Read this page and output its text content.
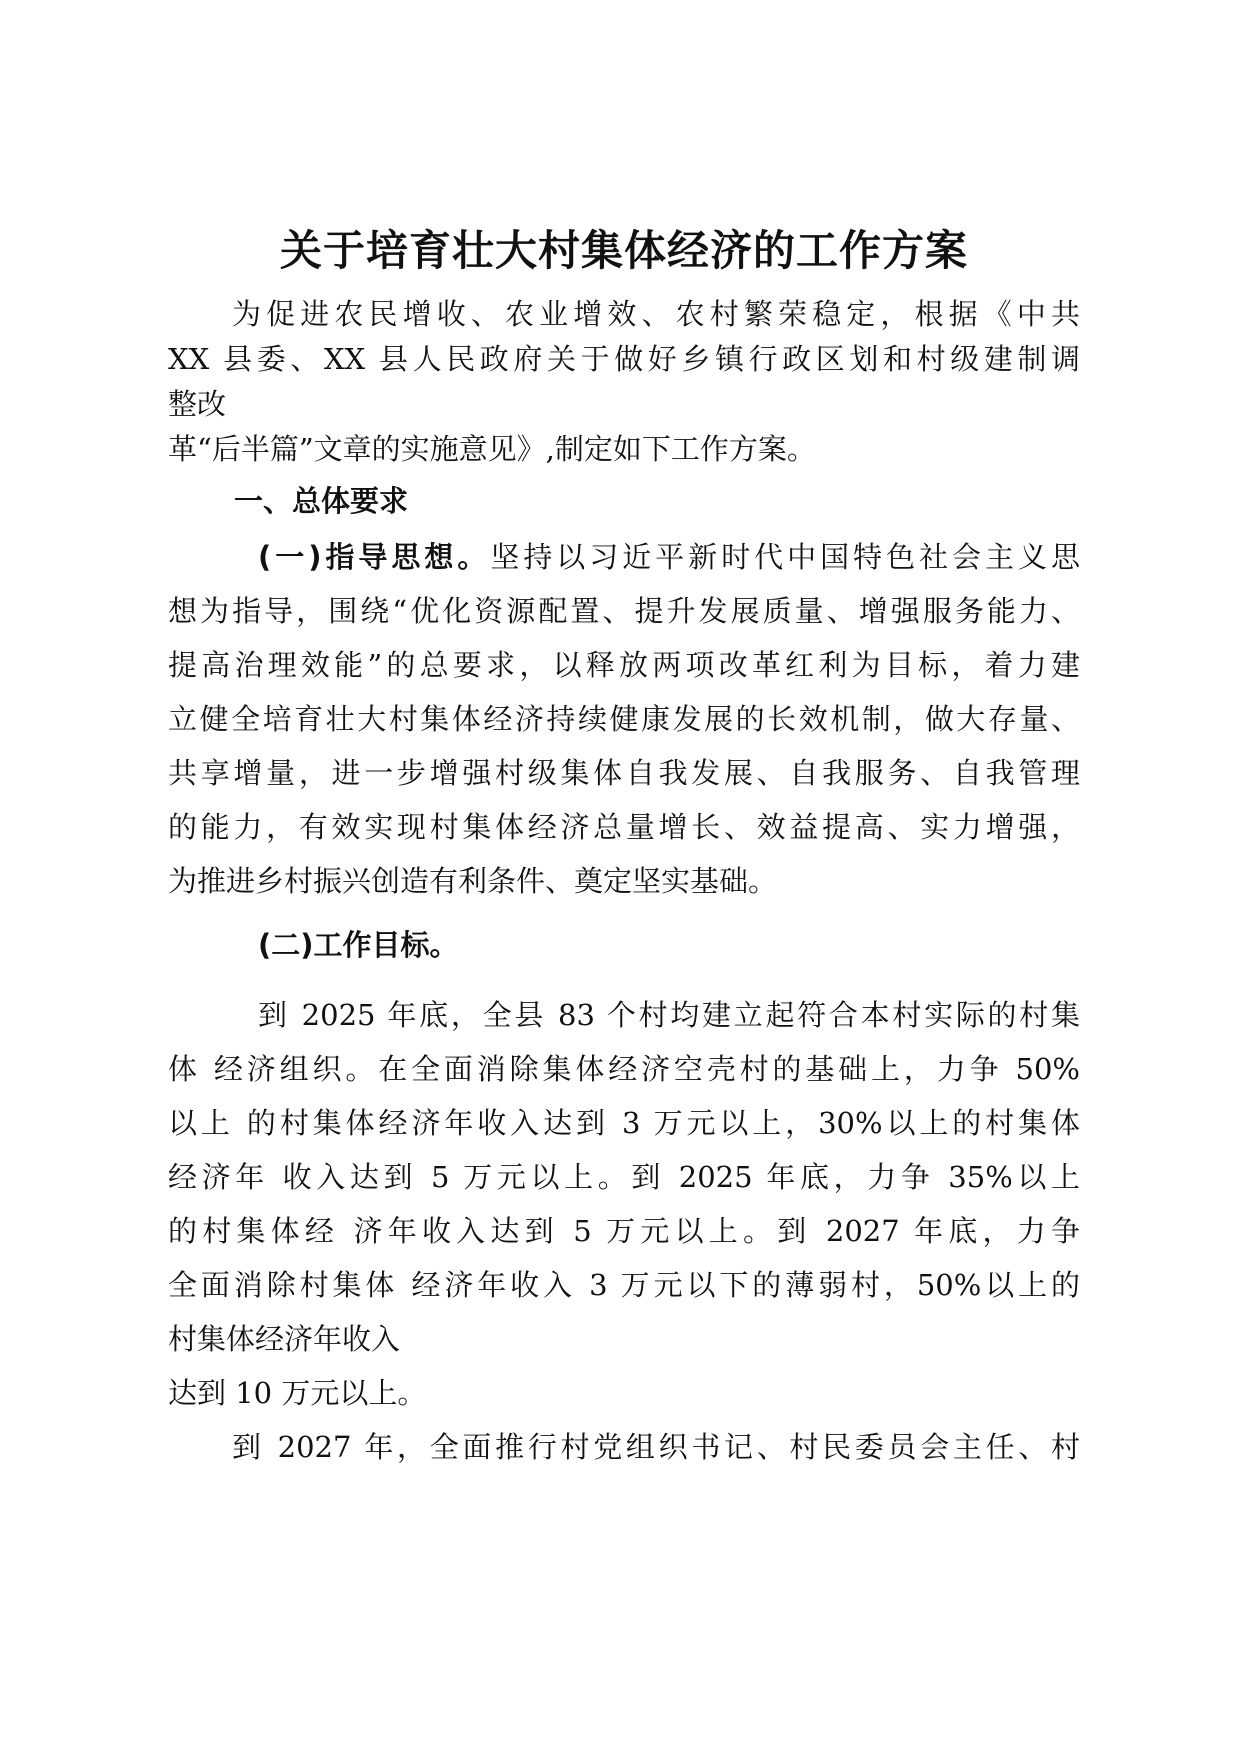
关于培育壮大村集体经济的工作方案

为促进农民增收、农业增效、农村繁荣稳定，根据《中共

XX 县委、XX 县人民政府关于做好乡镇行政区划和村级建制调

整改

革“后半篇”文章的实施意见》,制定如下工作方案。

一、总体要求

(一)指导思想。坚持以习近平新时代中国特色社会主义思

想为指导，围绕“优化资源配置、提升发展质量、增强服务能力、

提高治理效能”的总要求，以释放两项改革红利为目标，着力建

立健全培育壮大村集体经济持续健康发展的长效机制，做大存量、

共享增量，进一步增强村级集体自我发展、自我服务、自我管理

的能力，有效实现村集体经济总量增长、效益提高、实力增强，

为推进乡村振兴创造有利条件、奠定坚实基础。

(二)工作目标。

到 2025 年底，全县 83 个村均建立起符合本村实际的村集

体 经济组织。在全面消除集体经济空壳村的基础上，力争 50%

以上 的村集体经济年收入达到 3 万元以上，30%以上的村集体

经济年 收入达到 5 万元以上。到 2025 年底，力争 35%以上

的村集体经 济年收入达到 5 万元以上。到 2027 年底，力争

全面消除村集体 经济年收入 3 万元以下的薄弱村，50%以上的

村集体经济年收入

达到 10 万元以上。

到 2027 年，全面推行村党组织书记、村民委员会主任、村
